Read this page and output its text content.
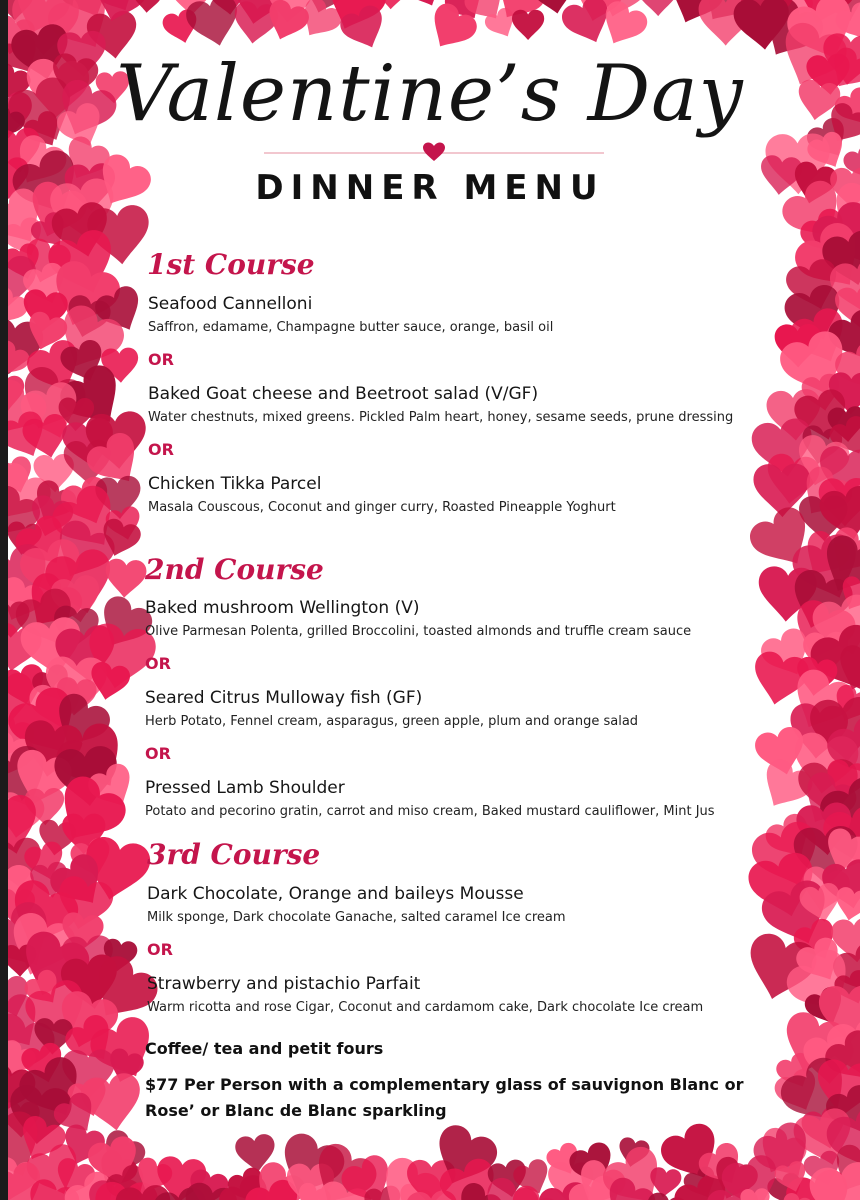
Valentine’s Day
DINNER MENU
1st Course
Seafood Cannelloni
Saffron, edamame, Champagne butter sauce, orange, basil oil
OR
Baked Goat cheese and Beetroot salad (V/GF)
Water chestnuts, mixed greens. Pickled Palm heart, honey, sesame seeds, prune dressing
OR
Chicken Tikka Parcel
Masala Couscous, Coconut and ginger curry, Roasted Pineapple Yoghurt
2nd Course
Baked mushroom Wellington (V)
Olive Parmesan Polenta, grilled Broccolini, toasted almonds and truffle cream sauce
OR
Seared Citrus Mulloway fish (GF)
Herb Potato, Fennel cream, asparagus, green apple, plum and orange salad
OR
Pressed Lamb Shoulder
Potato and pecorino gratin, carrot and miso cream, Baked mustard cauliflower, Mint Jus
3rd Course
Dark Chocolate, Orange and baileys Mousse
Milk sponge, Dark chocolate Ganache, salted caramel Ice cream
OR
Strawberry and pistachio Parfait
Warm ricotta and rose Cigar, Coconut and cardamom cake, Dark chocolate Ice cream
Coffee/ tea and petit fours
$77 Per Person with a complementary glass of sauvignon Blanc or Rose’ or Blanc de Blanc sparkling
